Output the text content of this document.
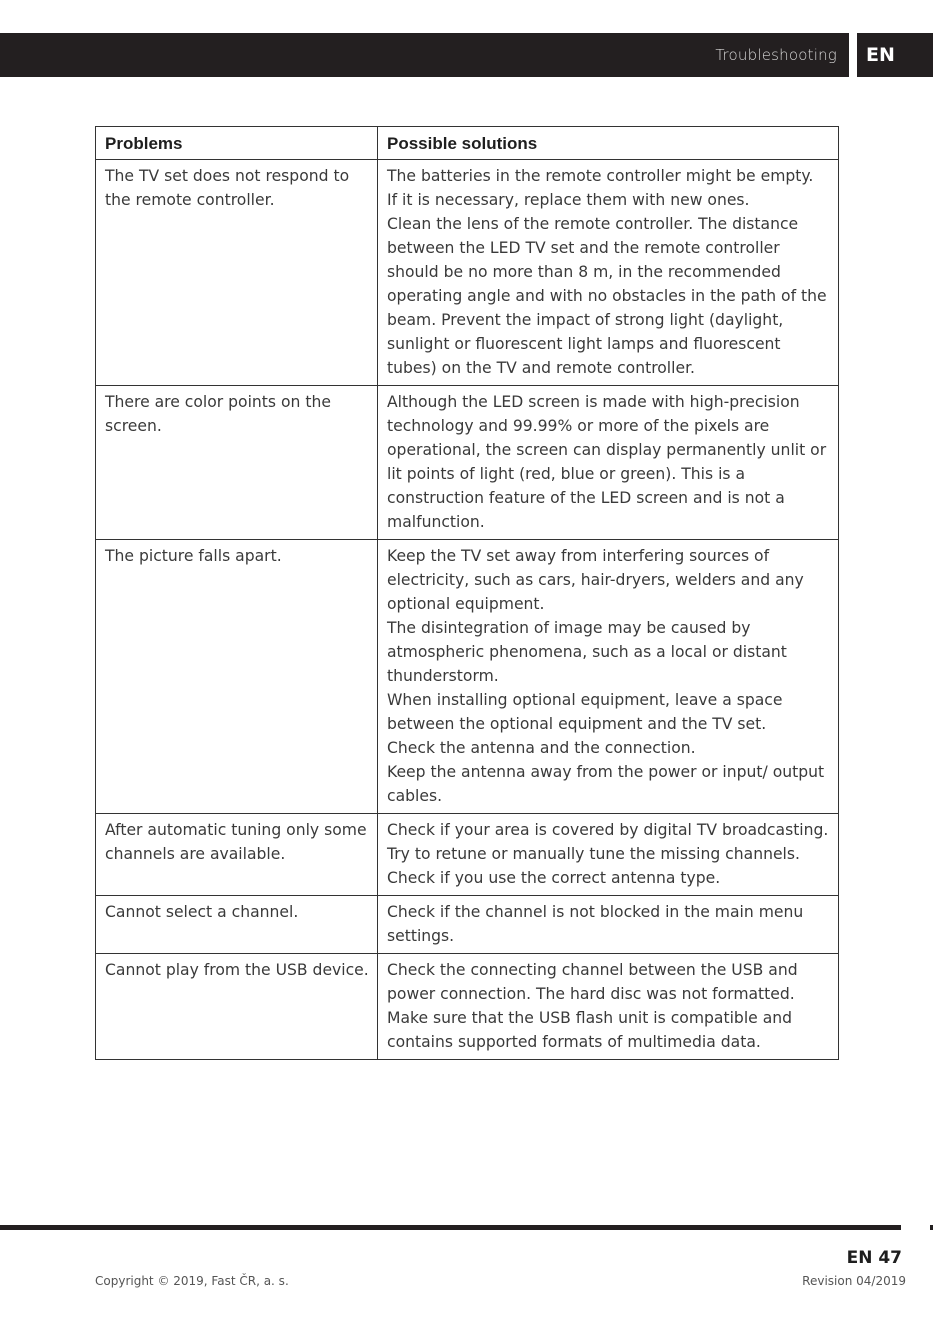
Troubleshooting	EN
Problems	Possible solutions
The TV set does not respond to the remote controller.	The batteries in the remote controller might be empty.
If it is necessary, replace them with new ones.
Clean the lens of the remote controller. The distance between the LED TV set and the remote controller should be no more than 8 m, in the recommended operating angle and with no obstacles in the path of the beam. Prevent the impact of strong light (daylight, sunlight or fluorescent light lamps and fluorescent tubes) on the TV and remote controller.

There are color points on the screen.	Although the LED screen is made with high-precision technology and 99.99% or more of the pixels are operational, the screen can display permanently unlit or lit points of light (red, blue or green). This is a construction feature of the LED screen and is not a malfunction.

The picture falls apart.	Keep the TV set away from interfering sources of electricity, such as cars, hair-dryers, welders and any optional equipment.
The disintegration of image may be caused by atmospheric phenomena, such as a local or distant thunderstorm.
When installing optional equipment, leave a space between the optional equipment and the TV set.
Check the antenna and the connection.
Keep the antenna away from the power or input/ output cables.

After automatic tuning only some channels are available.	Check if your area is covered by digital TV broadcasting. Try to retune or manually tune the missing channels.
Check if you use the correct antenna type.

Cannot select a channel.	Check if the channel is not blocked in the main menu settings.

Cannot play from the USB device.	Check the connecting channel between the USB and power connection. The hard disc was not formatted.
Make sure that the USB flash unit is compatible and contains supported formats of multimedia data.
EN 47
Copyright © 2019, Fast ČR, a. s.	Revision 04/2019
